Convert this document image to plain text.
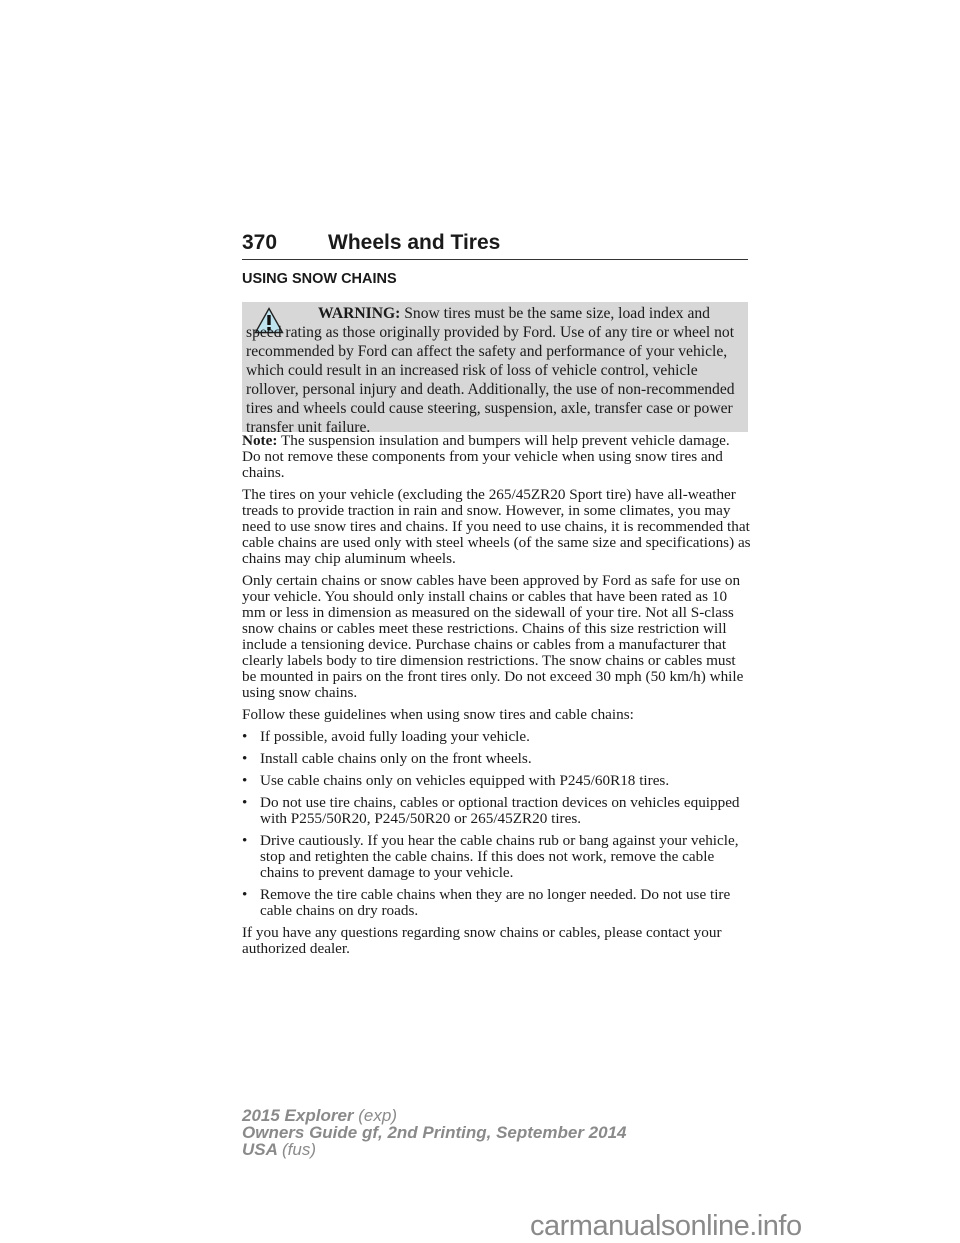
370 Wheels and Tires
USING SNOW CHAINS
WARNING: Snow tires must be the same size, load index and speed rating as those originally provided by Ford. Use of any tire or wheel not recommended by Ford can affect the safety and performance of your vehicle, which could result in an increased risk of loss of vehicle control, vehicle rollover, personal injury and death. Additionally, the use of non-recommended tires and wheels could cause steering, suspension, axle, transfer case or power transfer unit failure.

Note: The suspension insulation and bumpers will help prevent vehicle damage. Do not remove these components from your vehicle when using snow tires and chains.

The tires on your vehicle (excluding the 265/45ZR20 Sport tire) have all-weather treads to provide traction in rain and snow. However, in some climates, you may need to use snow tires and chains. If you need to use chains, it is recommended that cable chains are used only with steel wheels (of the same size and specifications) as chains may chip aluminum wheels.

Only certain chains or snow cables have been approved by Ford as safe for use on your vehicle. You should only install chains or cables that have been rated as 10 mm or less in dimension as measured on the sidewall of your tire. Not all S-class snow chains or cables meet these restrictions. Chains of this size restriction will include a tensioning device. Purchase chains or cables from a manufacturer that clearly labels body to tire dimension restrictions. The snow chains or cables must be mounted in pairs on the front tires only. Do not exceed 30 mph (50 km/h) while using snow chains.

Follow these guidelines when using snow tires and cable chains:

• If possible, avoid fully loading your vehicle.
• Install cable chains only on the front wheels.
• Use cable chains only on vehicles equipped with P245/60R18 tires.
• Do not use tire chains, cables or optional traction devices on vehicles equipped with P255/50R20, P245/50R20 or 265/45ZR20 tires.
• Drive cautiously. If you hear the cable chains rub or bang against your vehicle, stop and retighten the cable chains. If this does not work, remove the cable chains to prevent damage to your vehicle.
• Remove the tire cable chains when they are no longer needed. Do not use tire cable chains on dry roads.

If you have any questions regarding snow chains or cables, please contact your authorized dealer.

2015 Explorer (exp)
Owners Guide gf, 2nd Printing, September 2014
USA (fus)
carmanualsonline.info
